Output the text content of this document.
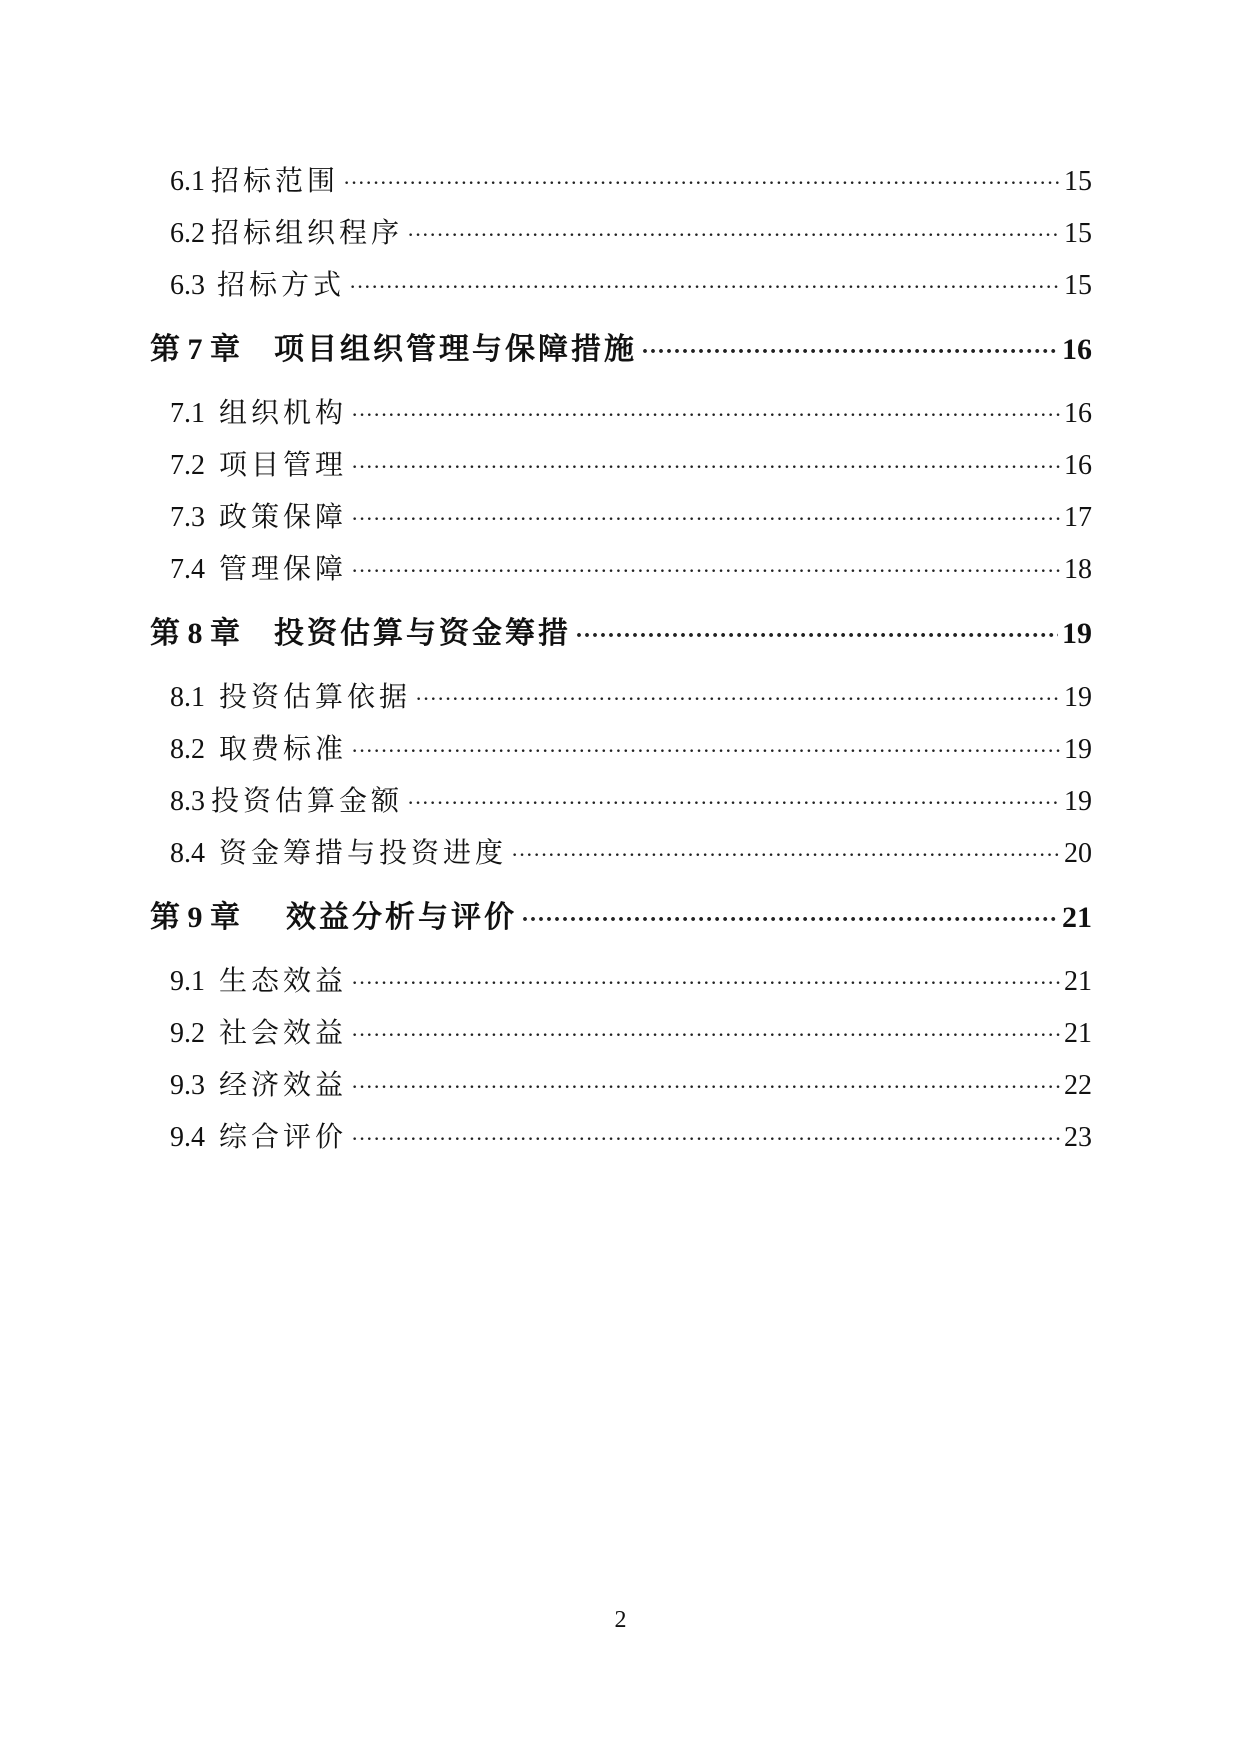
6.1 招标范围 ·····	15
6.2 招标组织程序 ·····	15
6.3 招标方式 ·····	15
第 7 章 项目组织管理与保障措施 ·····	16
7.1 组织机构 ·····	16
7.2 项目管理 ·····	16
7.3 政策保障 ·····	17
7.4 管理保障 ·····	18
第 8 章 投资估算与资金筹措 ·····	19
8.1 投资估算依据 ·····	19
8.2 取费标准 ·····	19
8.3 投资估算金额 ·····	19
8.4 资金筹措与投资进度 ·····	20
第 9 章 效益分析与评价 ·····	21
9.1 生态效益 ·····	21
9.2 社会效益 ·····	21
9.3 经济效益 ·····	22
9.4 综合评价 ·····	23
2
